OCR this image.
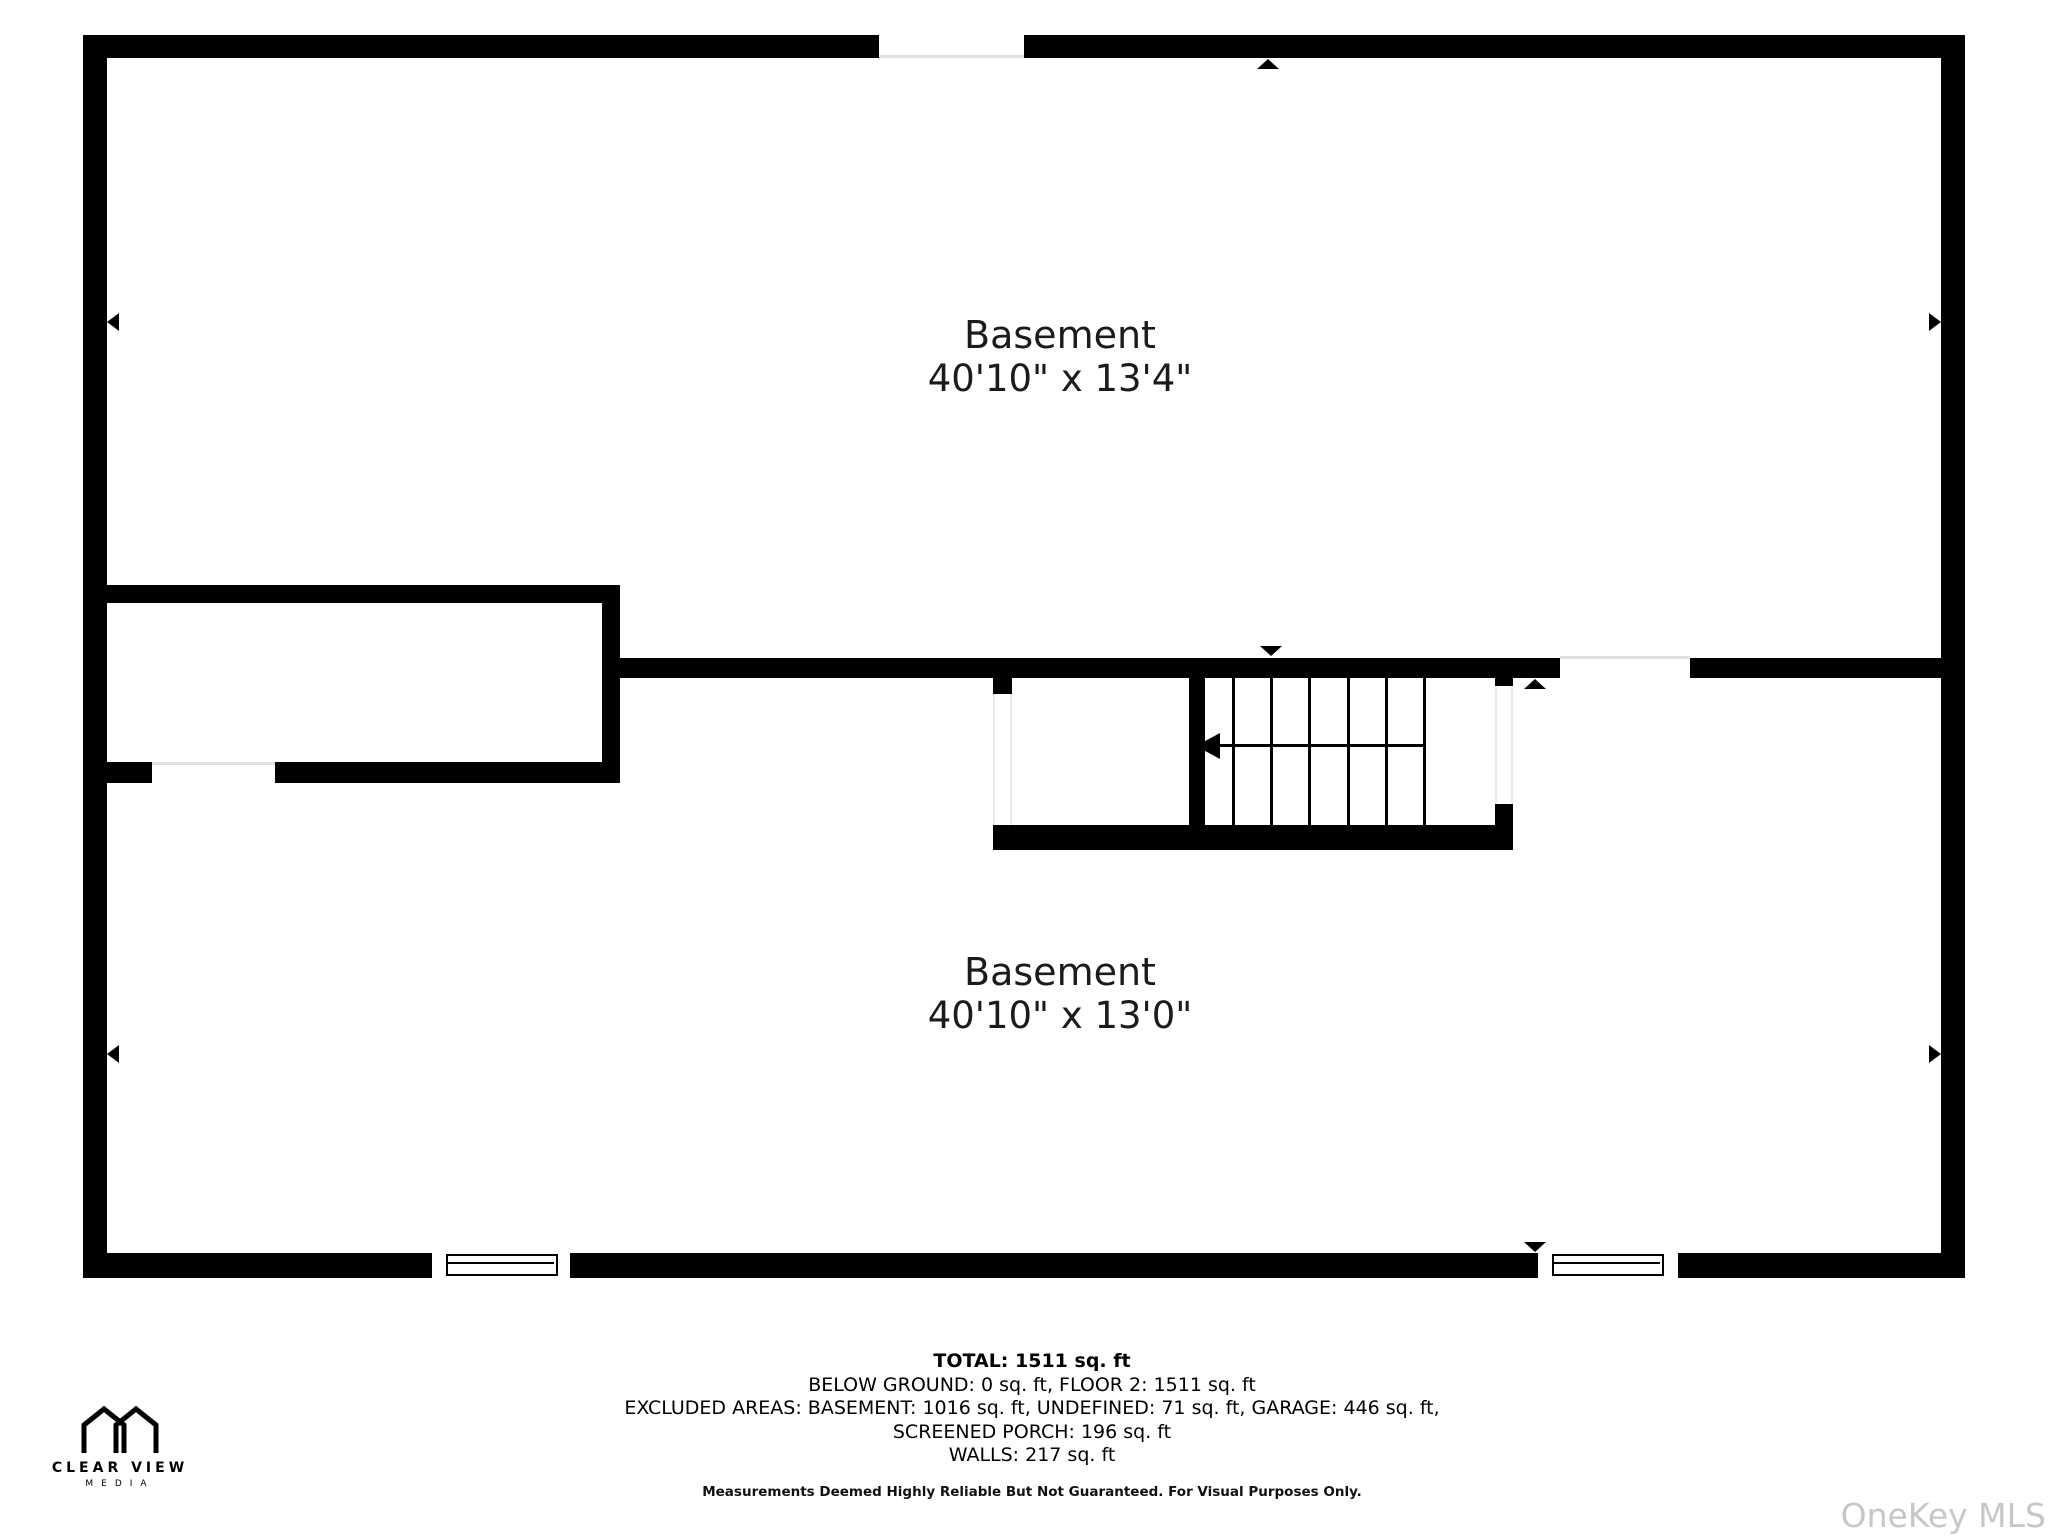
Basement
40'10" x 13'4"
Basement
40'10" x 13'0"
TOTAL: 1511 sq. ft
BELOW GROUND: 0 sq. ft, FLOOR 2: 1511 sq. ft
EXCLUDED AREAS: BASEMENT: 1016 sq. ft, UNDEFINED: 71 sq. ft, GARAGE: 446 sq. ft,
SCREENED PORCH: 196 sq. ft
WALLS: 217 sq. ft
Measurements Deemed Highly Reliable But Not Guaranteed. For Visual Purposes Only.
CLEAR VIEW
MEDIA
OneKey MLS
